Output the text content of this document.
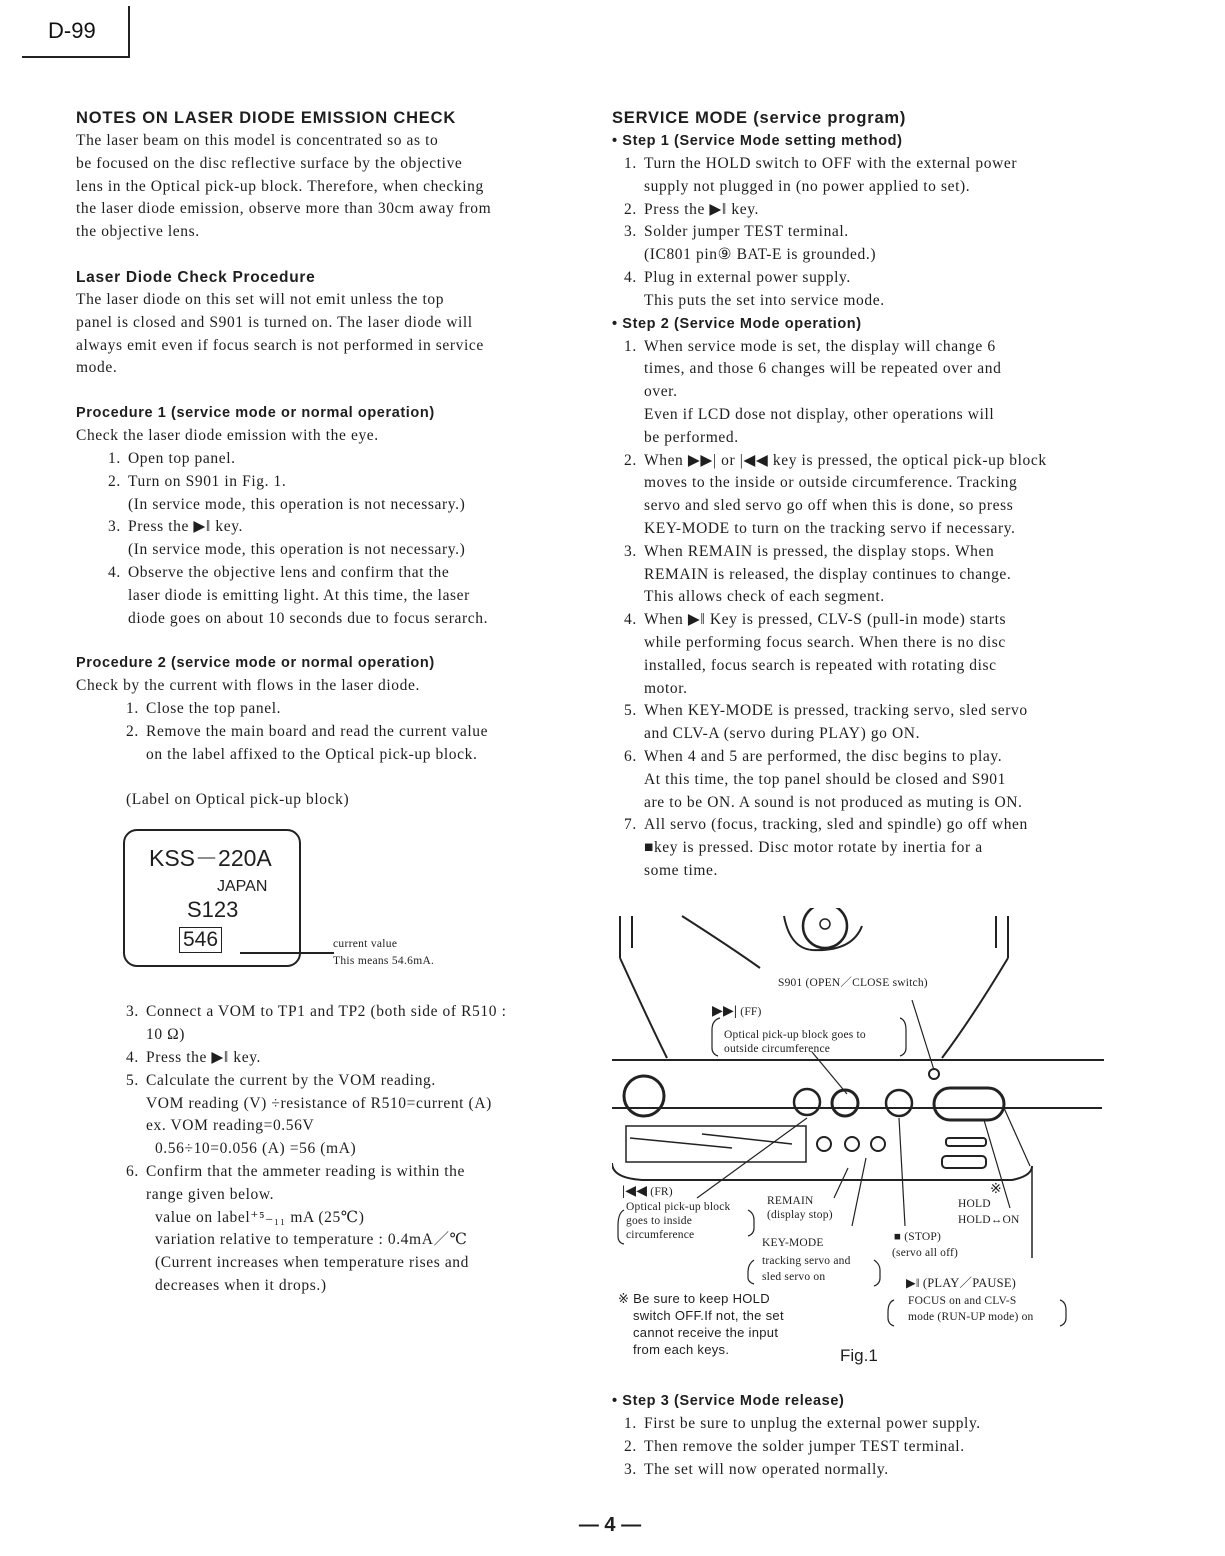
D-99
NOTES ON LASER DIODE EMISSION CHECK

The laser beam on this model is concentrated so as to

be focused on the disc reflective surface by the objective

lens in the Optical pick-up block. Therefore, when checking

the laser diode emission, observe more than 30cm away from

the objective lens.

Laser Diode Check Procedure

The laser diode on this set will not emit unless the top

panel is closed and S901 is turned on. The laser diode will

always emit even if focus search is not performed in service

mode.

Procedure 1 (service mode or normal operation)

Check the laser diode emission with the eye.

1. Open top panel.
2. Turn on S901 in Fig. 1.
(In service mode, this operation is not necessary.)
3. Press the ▶‖ key.
(In service mode, this operation is not necessary.)
4. Observe the objective lens and confirm that the
laser diode is emitting light. At this time, the laser
diode goes on about 10 seconds due to focus serarch.
Procedure 2 (service mode or normal operation)

Check by the current with flows in the laser diode.

1. Close the top panel.
2. Remove the main board and read the current value
on the label affixed to the Optical pick-up block.

(Label on Optical pick-up block)

KSS－220A
JAPAN
S123
546	current value
This means 54.6mA.
3. Connect a VOM to TP1 and TP2 (both side of R510 :
10 Ω)
4. Press the ▶‖ key.
5. Calculate the current by the VOM reading.
VOM reading (V) ÷resistance of R510=current (A)
ex. VOM reading=0.56V
0.56÷10=0.056 (A) =56 (mA)
6. Confirm that the ammeter reading is within the
range given below.
value on label⁺⁵₋₁₁ mA (25℃)
variation relative to temperature : 0.4mA／℃
(Current increases when temperature rises and
decreases when it drops.)
SERVICE MODE (service program)
• Step 1 (Service Mode setting method)
1. Turn the HOLD switch to OFF with the external power
supply not plugged in (no power applied to set).
2. Press the ▶‖ key.
3. Solder jumper TEST terminal.
(IC801 pin⑨ BAT-E is grounded.)
4. Plug in external power supply.
This puts the set into service mode.
• Step 2 (Service Mode operation)
1. When service mode is set, the display will change 6
times, and those 6 changes will be repeated over and
over.
Even if LCD dose not display, other operations will
be performed.
2. When ▶▶| or |◀◀ key is pressed, the optical pick-up block
moves to the inside or outside circumference. Tracking
servo and sled servo go off when this is done, so press
KEY-MODE to turn on the tracking servo if necessary.
3. When REMAIN is pressed, the display stops. When
REMAIN is released, the display continues to change.
This allows check of each segment.
4. When ▶‖ Key is pressed, CLV-S (pull-in mode) starts
while performing focus search. When there is no disc
installed, focus search is repeated with rotating disc
motor.
5. When KEY-MODE is pressed, tracking servo, sled servo
and CLV-A (servo during PLAY) go ON.
6. When 4 and 5 are performed, the disc begins to play.
At this time, the top panel should be closed and S901
are to be ON. A sound is not produced as muting is ON.
7. All servo (focus, tracking, sled and spindle) go off when
■key is pressed. Disc motor rotate by inertia for a
some time.
S901 (OPEN／CLOSE switch)
▶▶| (FF)
Optical pick-up block goes to
outside circumference
|◀◀ (FR)
Optical pick-up block
goes to inside
circumference
REMAIN
(display stop)
KEY-MODE
tracking servo and
sled servo on
※
HOLD
HOLD↔ON
■ (STOP)
(servo all off)
▶‖ (PLAY／PAUSE)
FOCUS on and CLV-S
mode (RUN-UP mode) on
※ Be sure to keep HOLD
switch OFF.If not, the set
cannot receive the input
from each keys.	Fig.1
• Step 3 (Service Mode release)
1. First be sure to unplug the external power supply.
2. Then remove the solder jumper TEST terminal.
3. The set will now operated normally.
— 4 —
